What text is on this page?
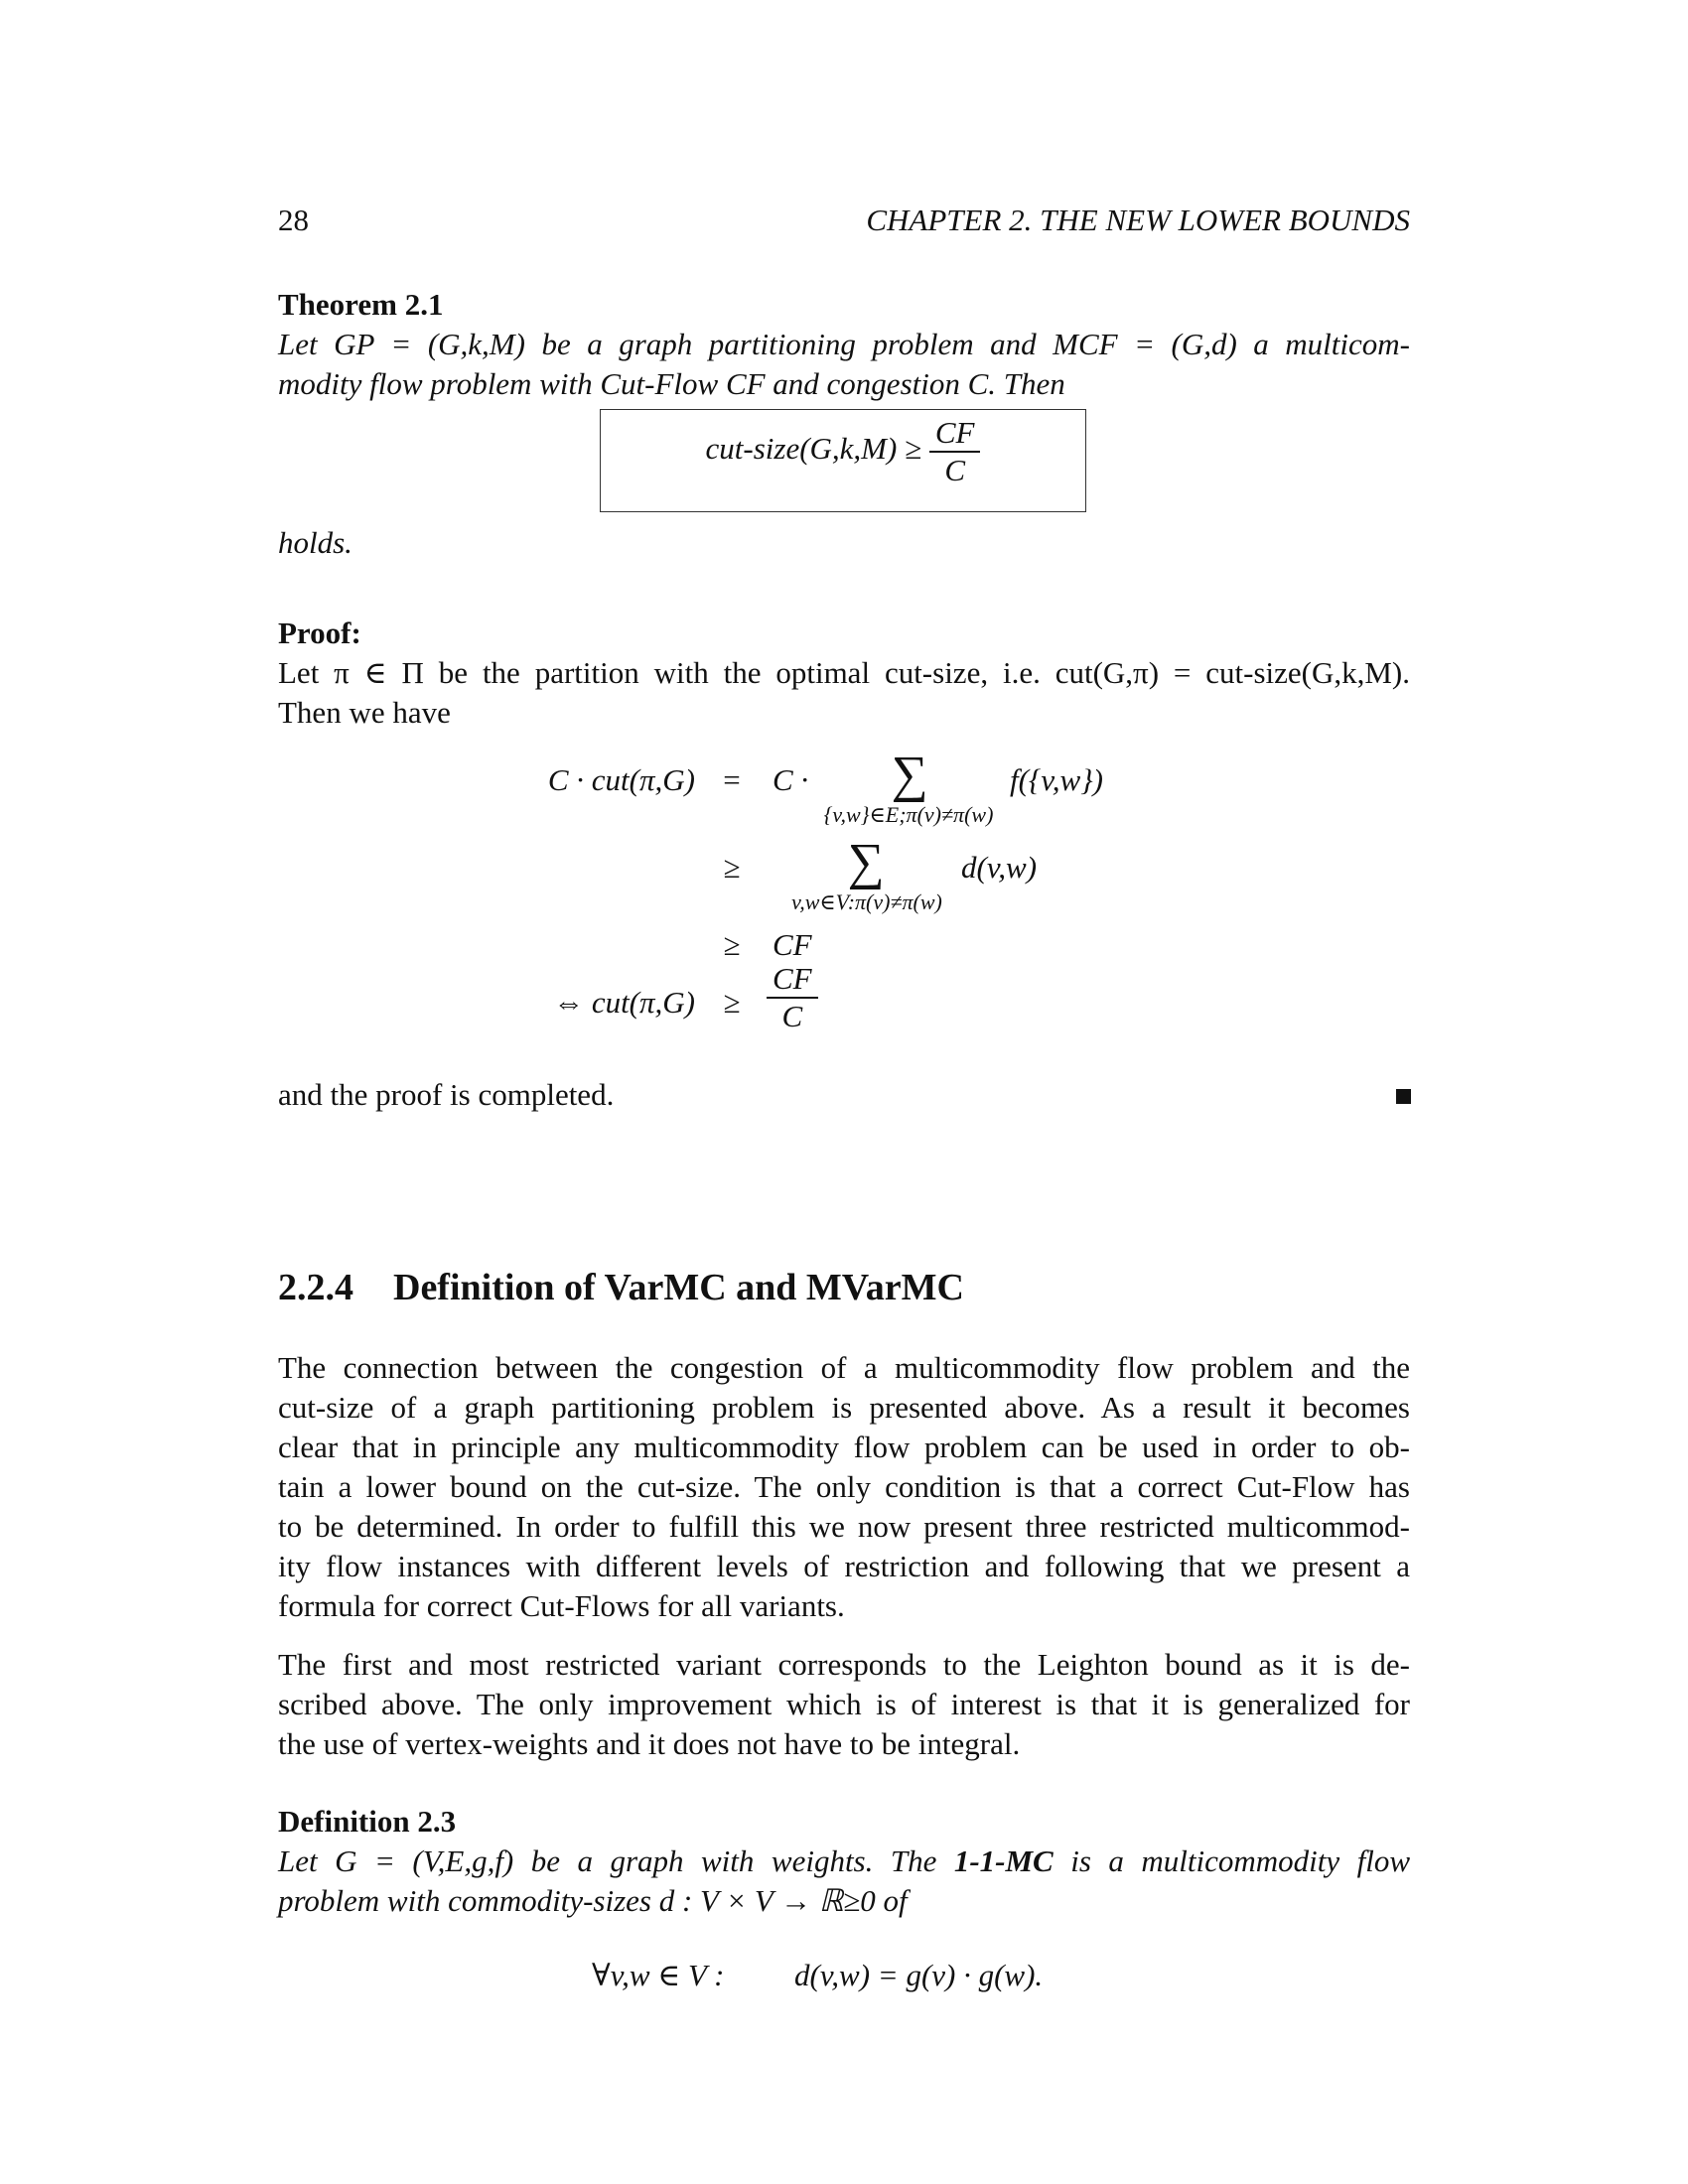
28	CHAPTER 2. THE NEW LOWER BOUNDS
Theorem 2.1
Let GP = (G,k,M) be a graph partitioning problem and MCF = (G,d) a multicom-
modity flow problem with Cut-Flow CF and congestion C. Then
cut-size(G,k,M) ≥ $\frac{CF}{C}$
holds.
Proof:
Let π ∈ Π be the partition with the optimal cut-size, i.e. cut(G,π) = cut-size(G,k,M).
Then we have
C · cut(π,G) = C · ∑
{v,w}∈E;π(v)≠π(w)
f({v,w})
≥ ∑
v,w∈V:π(v)≠π(w)
d(v,w)
≥ CF
⇔ $cut(\pi,G) \ge \frac{CF}{C}$
and the proof is completed.
2.2.4 Definition of VarMC and MVarMC
The connection between the congestion of a multicommodity flow problem and the
cut-size of a graph partitioning problem is presented above. As a result it becomes
clear that in principle any multicommodity flow problem can be used in order to ob-
tain a lower bound on the cut-size. The only condition is that a correct Cut-Flow has
to be determined. In order to fulfill this we now present three restricted multicommod-
ity flow instances with different levels of restriction and following that we present a
formula for correct Cut-Flows for all variants.
The first and most restricted variant corresponds to the Leighton bound as it is de-
scribed above. The only improvement which is of interest is that it is generalized for
the use of vertex-weights and it does not have to be integral.
Definition 2.3
Let G = (V,E,g,f) be a graph with weights. The 1-1-MC is a multicommodity flow
problem with commodity-sizes d : V × V → ℝ≥0 of
∀v,w ∈ V : d(v,w) = g(v) · g(w).
